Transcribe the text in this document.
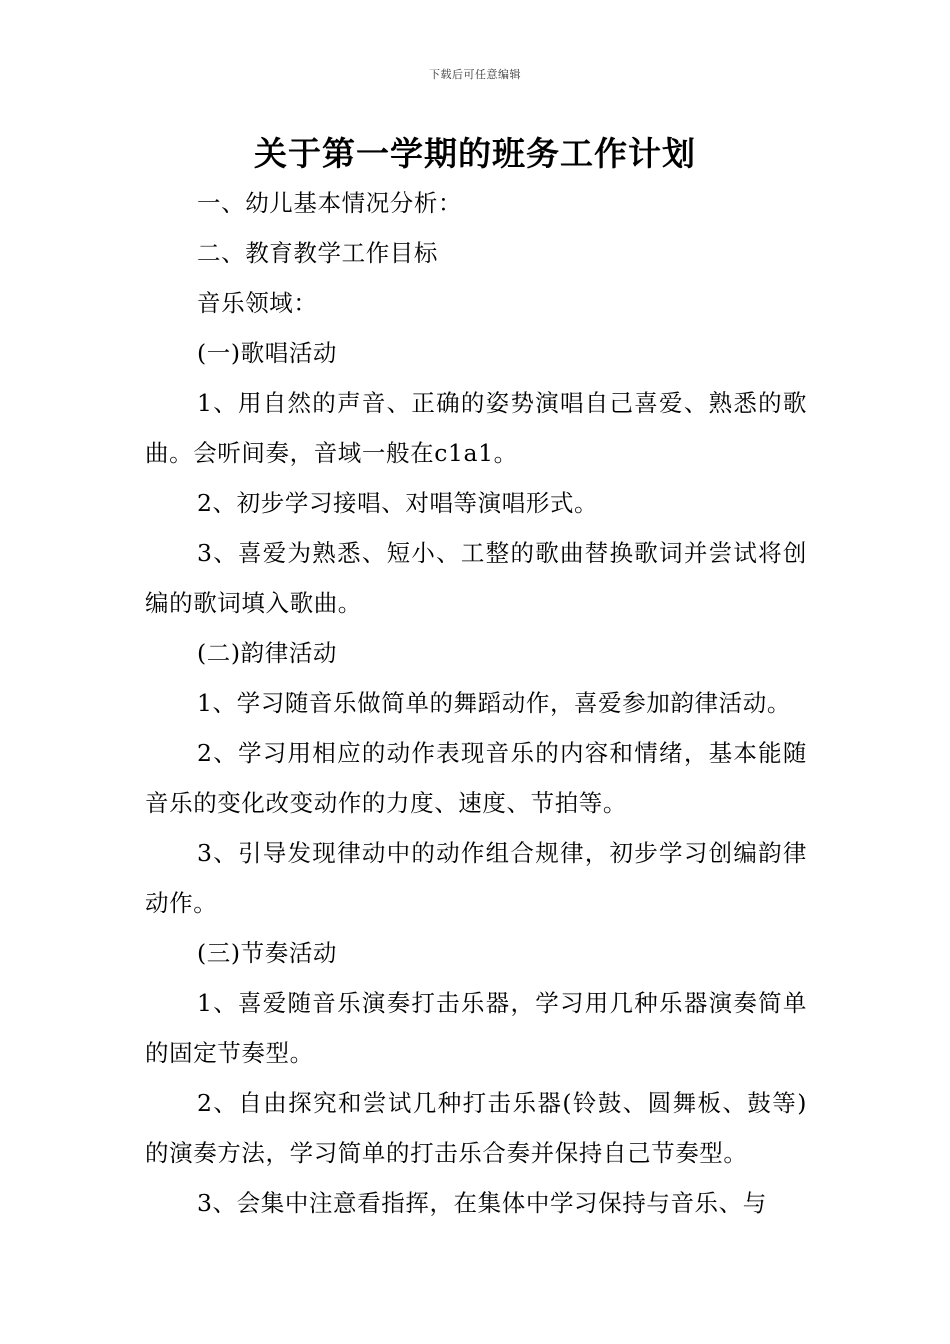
下载后可任意编辑
关于第一学期的班务工作计划

一、幼儿基本情况分析：

二、教育教学工作目标

音乐领域：

(一)歌唱活动

1、用自然的声音、正确的姿势演唱自己喜爱、熟悉的歌曲。会听间奏，音域一般在c1a1。

2、初步学习接唱、对唱等演唱形式。

3、喜爱为熟悉、短小、工整的歌曲替换歌词并尝试将创编的歌词填入歌曲。

(二)韵律活动

1、学习随音乐做简单的舞蹈动作，喜爱参加韵律活动。

2、学习用相应的动作表现音乐的内容和情绪，基本能随音乐的变化改变动作的力度、速度、节拍等。

3、引导发现律动中的动作组合规律，初步学习创编韵律动作。

(三)节奏活动

1、喜爱随音乐演奏打击乐器，学习用几种乐器演奏简单的固定节奏型。

2、自由探究和尝试几种打击乐器(铃鼓、圆舞板、鼓等)的演奏方法，学习简单的打击乐合奏并保持自己节奏型。

3、会集中注意看指挥，在集体中学习保持与音乐、与
